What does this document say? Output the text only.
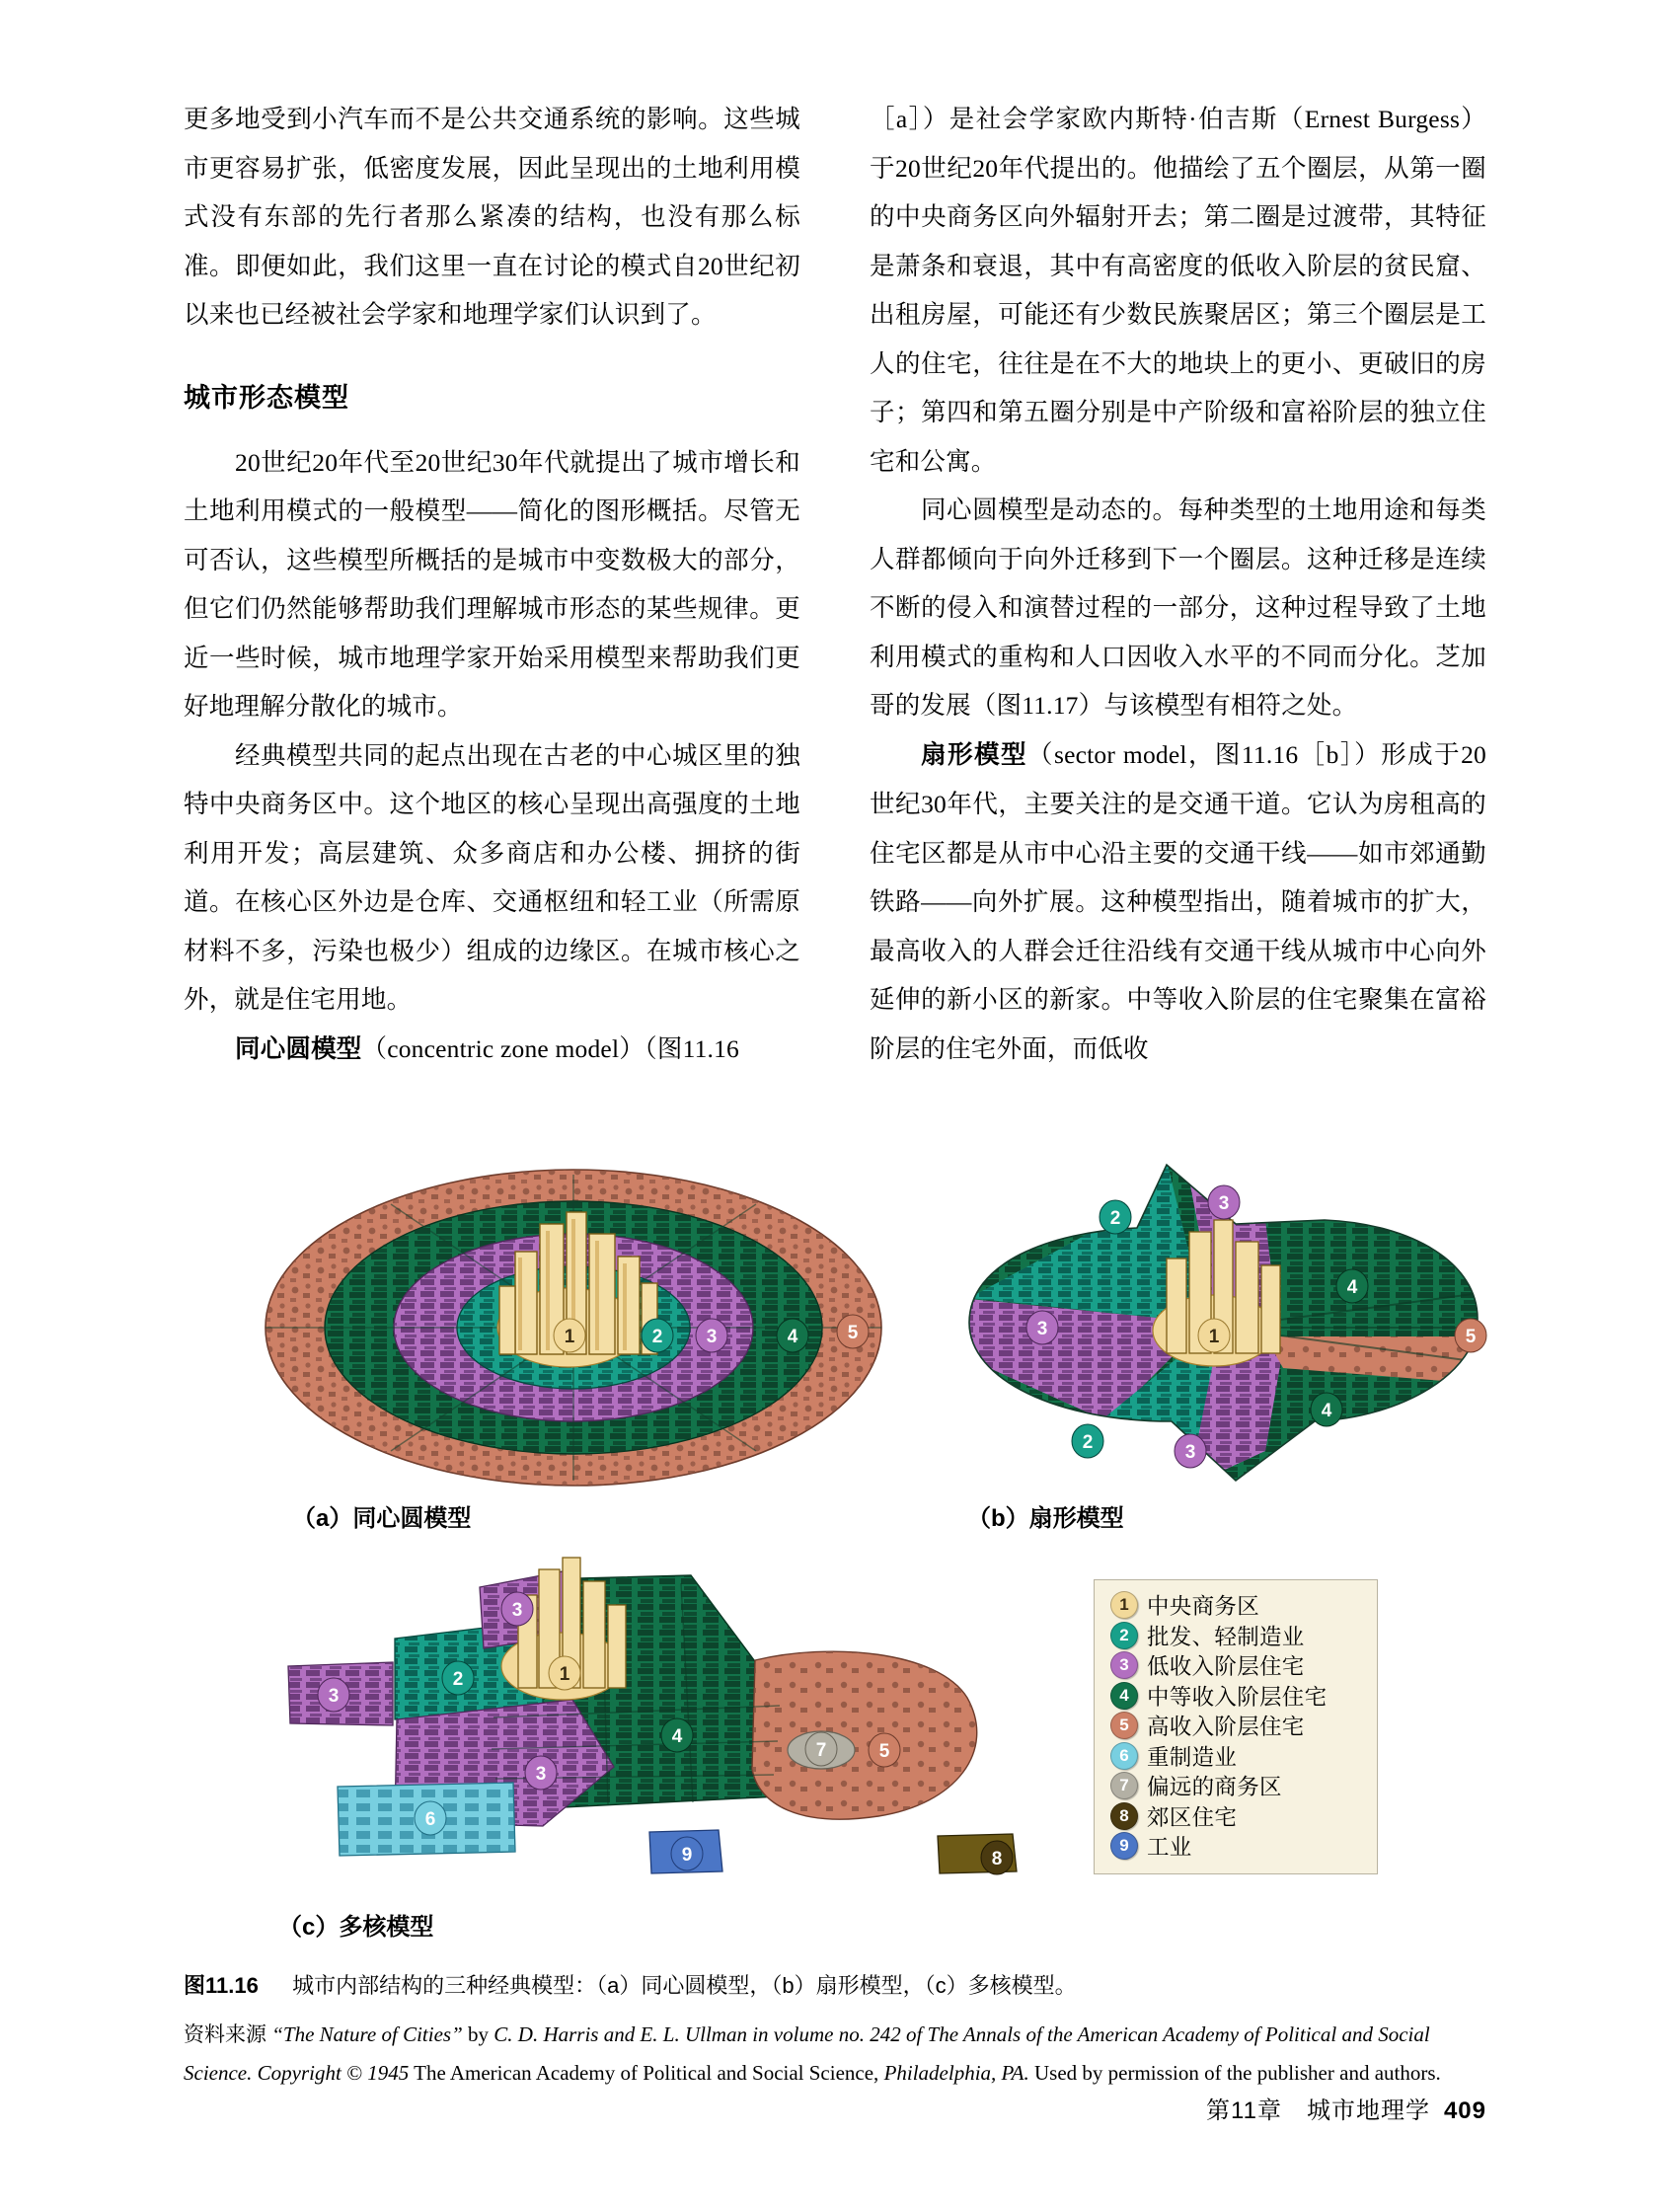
更多地受到小汽车而不是公共交通系统的影响。这些城市更容易扩张，低密度发展，因此呈现出的土地利用模式没有东部的先行者那么紧凑的结构，也没有那么标准。即便如此，我们这里一直在讨论的模式自20世纪初以来也已经被社会学家和地理学家们认识到了。

城市形态模型

20世纪20年代至20世纪30年代就提出了城市增长和土地利用模式的一般模型——简化的图形概括。尽管无可否认，这些模型所概括的是城市中变数极大的部分，但它们仍然能够帮助我们理解城市形态的某些规律。更近一些时候，城市地理学家开始采用模型来帮助我们更好地理解分散化的城市。

经典模型共同的起点出现在古老的中心城区里的独特中央商务区中。这个地区的核心呈现出高强度的土地利用开发；高层建筑、众多商店和办公楼、拥挤的街道。在核心区外边是仓库、交通枢纽和轻工业（所需原材料不多，污染也极少）组成的边缘区。在城市核心之外，就是住宅用地。

同心圆模型（concentric zone model）（图11.16

［a］）是社会学家欧内斯特·伯吉斯（Ernest Burgess）于20世纪20年代提出的。他描绘了五个圈层，从第一圈的中央商务区向外辐射开去；第二圈是过渡带，其特征是萧条和衰退，其中有高密度的低收入阶层的贫民窟、出租房屋，可能还有少数民族聚居区；第三个圈层是工人的住宅，往往是在不大的地块上的更小、更破旧的房子；第四和第五圈分别是中产阶级和富裕阶层的独立住宅和公寓。

同心圆模型是动态的。每种类型的土地用途和每类人群都倾向于向外迁移到下一个圈层。这种迁移是连续不断的侵入和演替过程的一部分，这种过程导致了土地利用模式的重构和人口因收入水平的不同而分化。芝加哥的发展（图11.17）与该模型有相符之处。

扇形模型（sector model，图11.16［b］）形成于20世纪30年代，主要关注的是交通干道。它认为房租高的住宅区都是从市中心沿主要的交通干线——如市郊通勤铁路——向外扩展。这种模型指出，随着城市的扩大，最高收入的人群会迁往沿线有交通干线从城市中心向外延伸的新小区的新家。中等收入阶层的住宅聚集在富裕阶层的住宅外面，而低收

1	2 3	4	5
（a）同心圆模型
1
2
3
3
2	3
4
4
5
（b）扇形模型
1
2
3
3
3
4
5
6
7
8
9
（c）多核模型
1 中央商务区
2 批发、轻制造业
3 低收入阶层住宅
4 中等收入阶层住宅
5 高收入阶层住宅
6 重制造业
7 偏远的商务区
8 郊区住宅
9 工业
图11.16 城市内部结构的三种经典模型：（a）同心圆模型，（b）扇形模型，（c）多核模型。
资料来源 “The Nature of Cities” by C. D. Harris and E. L. Ullman in volume no. 242 of The Annals of the American Academy of Political and Social Science. Copyright © 1945 The American Academy of Political and Social Science, Philadelphia, PA. Used by permission of the publisher and authors.
第11章　城市地理学 409
